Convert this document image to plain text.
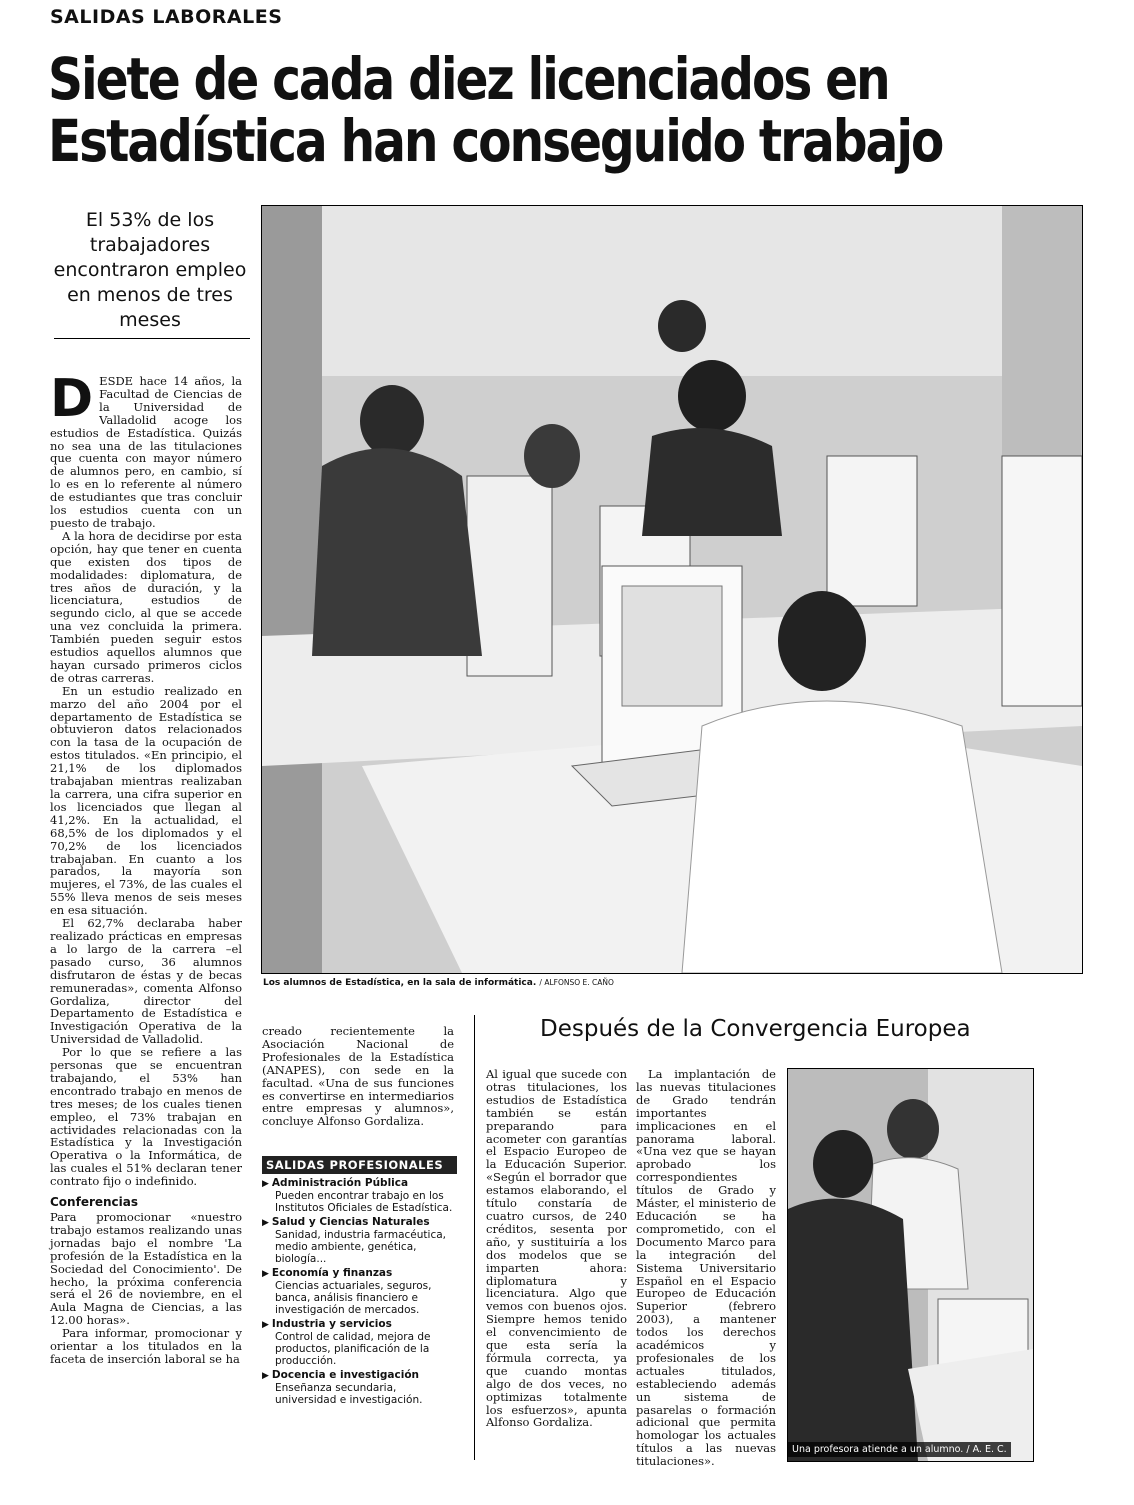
SALIDAS LABORALES
Siete de cada diez licenciados en
Estadística han conseguido trabajo
El 53% de los trabajadores encontraron empleo en menos de tres meses
Los alumnos de Estadística, en la sala de informática. / ALFONSO E. CAÑO

DESDE hace 14 años, la Facultad de Ciencias de la Universidad de Valladolid acoge los estudios de Estadística. Quizás no sea una de las titulaciones que cuenta con mayor número de alumnos pero, en cambio, sí lo es en lo referente al número de estudiantes que tras concluir los estudios cuenta con un puesto de trabajo.

A la hora de decidirse por esta opción, hay que tener en cuenta que existen dos tipos de modalidades: diplomatura, de tres años de duración, y la licenciatura, estudios de segundo ciclo, al que se accede una vez concluida la primera. También pueden seguir estos estudios aquellos alumnos que hayan cursado primeros ciclos de otras carreras.

En un estudio realizado en marzo del año 2004 por el departamento de Estadística se obtuvieron datos relacionados con la tasa de la ocupación de estos titulados. «En principio, el 21,1% de los diplomados trabajaban mientras realizaban la carrera, una cifra superior en los licenciados que llegan al 41,2%. En la actualidad, el 68,5% de los diplomados y el 70,2% de los licenciados trabajaban. En cuanto a los parados, la mayoría son mujeres, el 73%, de las cuales el 55% lleva menos de seis meses en esa situación.

El 62,7% declaraba haber realizado prácticas en empresas a lo largo de la carrera –el pasado curso, 36 alumnos disfrutaron de éstas y de becas remuneradas», comenta Alfonso Gordaliza, director del Departamento de Estadística e Investigación Operativa de la Universidad de Valladolid.

Por lo que se refiere a las personas que se encuentran trabajando, el 53% han encontrado trabajo en menos de tres meses; de los cuales tienen empleo, el 73% trabajan en actividades relacionadas con la Estadística y la Investigación Operativa o la Informática, de las cuales el 51% declaran tener contrato fijo o indefinido.

Conferencias

Para promocionar «nuestro trabajo estamos realizando unas jornadas bajo el nombre 'La profesión de la Estadística en la Sociedad del Conocimiento'. De hecho, la próxima conferencia será el 26 de noviembre, en el Aula Magna de Ciencias, a las 12.00 horas».

Para informar, promocionar y orientar a los titulados en la faceta de inserción laboral se ha

creado recientemente la Asociación Nacional de Profesionales de la Estadística (ANAPES), con sede en la facultad. «Una de sus funciones es convertirse en intermediarios entre empresas y alumnos», concluye Alfonso Gordaliza.

SALIDAS PROFESIONALES
▶ Administración Pública
Pueden encontrar trabajo en los Institutos Oficiales de Estadística.
▶ Salud y Ciencias Naturales
Sanidad, industria farmacéutica, medio ambiente, genética, biología...
▶ Economía y finanzas
Ciencias actuariales, seguros, banca, análisis financiero e investigación de mercados.
▶ Industria y servicios
Control de calidad, mejora de productos, planificación de la producción.
▶ Docencia e investigación
Enseñanza secundaria, universidad e investigación.
Después de la Convergencia Europea

Al igual que sucede con otras titulaciones, los estudios de Estadística también se están preparando para acometer con garantías el Espacio Europeo de la Educación Superior. «Según el borrador que estamos elaborando, el título constaría de cuatro cursos, de 240 créditos, sesenta por año, y sustituiría a los dos modelos que se imparten ahora: diplomatura y licenciatura. Algo que vemos con buenos ojos. Siempre hemos tenido el convencimiento de que esta sería la fórmula correcta, ya que cuando montas algo de dos veces, no optimizas totalmente los esfuerzos», apunta Alfonso Gordaliza.

La implantación de las nuevas titulaciones de Grado tendrán importantes implicaciones en el panorama laboral. «Una vez que se hayan aprobado los correspondientes títulos de Grado y Máster, el ministerio de Educación se ha comprometido, con el Documento Marco para la integración del Sistema Universitario Español en el Espacio Europeo de Educación Superior (febrero 2003), a mantener todos los derechos académicos y profesionales de los actuales titulados, estableciendo además un sistema de pasarelas o formación adicional que permita homologar los actuales títulos a las nuevas titulaciones».

Una profesora atiende a un alumno. / A. E. C.
